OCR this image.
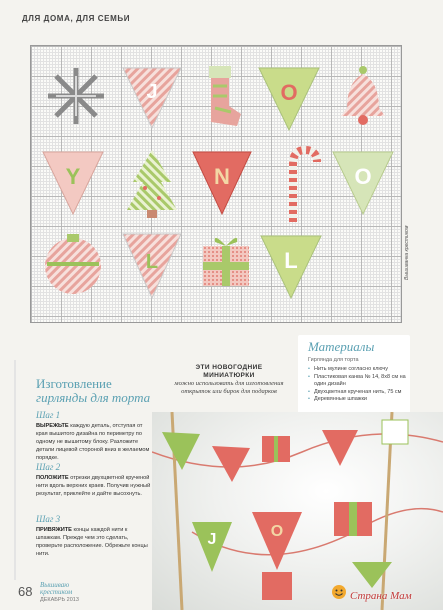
ДЛЯ ДОМА, ДЛЯ СЕМЬИ
J	O
Y	N	O
L	L	Вышиванка крестиком
Изготовление
гирлянды для торта
Шаг 1
ВЫРЕЖЬТЕ каждую деталь, отступая от края вышитого дизайна по периметру по одному не вышитому блоку. Разложите детали лицевой стороной вниз в желаемом порядке.
Шаг 2
ПОЛОЖИТЕ отрезки двухцветной крученой нити вдоль верхних краев. Получив нужный результат, приклейте и дайте высохнуть.
Шаг 3
ПРИВЯЖИТЕ концы каждой нити к шпажкам. Прежде чем это сделать, проверьте расположение. Обрежьте концы нити.
ЭТИ НОВОГОДНИЕ
МИНИАТЮРКИ
можно использовать для изготовления открыток или бирок для подарков
Материалы
Гирлянда для торта
• Нить мулине согласно ключу
• Пластиковая канва № 14, 8х8 см на один дизайн
• Двухцветная крученая нить, 75 см
• Деревянные шпажки
J	O
68 Вышиваю
крестиком
ДЕКАБРЬ 2013	Страна Мам
